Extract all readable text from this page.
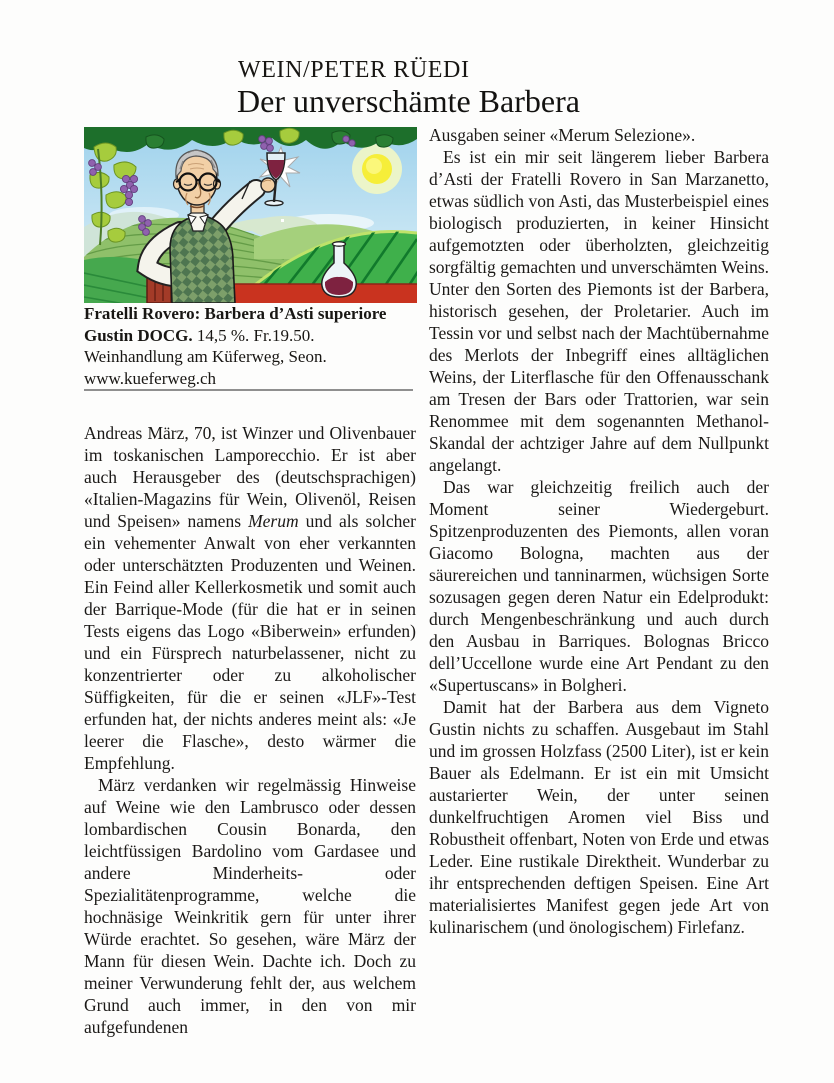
WEIN/PETER RÜEDI
Der unverschämte Barbera

Fratelli Rovero: Barbera d’Asti superiore Gustin DOCG. 14,5 %. Fr.19.50.

Weinhandlung am Küferweg, Seon.

www.kueferweg.ch

Andreas März, 70, ist Winzer und Olivenbauer im toskanischen Lamporecchio. Er ist aber auch Herausgeber des (deutschsprachigen) «Italien-Magazins für Wein, Olivenöl, Reisen und Speisen» namens Merum und als solcher ein vehementer Anwalt von eher verkannten oder unterschätzten Produzenten und Weinen. Ein Feind aller Kellerkosmetik und somit auch der Barrique-Mode (für die hat er in seinen Tests eigens das Logo «Biberwein» erfunden) und ein Fürsprech naturbelassener, nicht zu konzentrierter oder zu alkoholischer Süffigkeiten, für die er seinen «JLF»-Test erfunden hat, der nichts anderes meint als: «Je leerer die Flasche», desto wärmer die Empfehlung.

März verdanken wir regelmässig Hinweise auf Weine wie den Lambrusco oder dessen lombardischen Cousin Bonarda, den leichtfüssigen Bardolino vom Gardasee und andere Minderheits- oder Spezialitätenprogramme, welche die hochnäsige Weinkritik gern für unter ihrer Würde erachtet. So gesehen, wäre März der Mann für diesen Wein. Dachte ich. Doch zu meiner Verwunderung fehlt der, aus welchem Grund auch immer, in den von mir aufgefundenen

Ausgaben seiner «Merum Selezione».

Es ist ein mir seit längerem lieber Barbera d’Asti der Fratelli Rovero in San Marzanetto, etwas südlich von Asti, das Musterbeispiel eines biologisch produzierten, in keiner Hinsicht aufgemotzten oder überholzten, gleichzeitig sorgfältig gemachten und unverschämten Weins. Unter den Sorten des Piemonts ist der Barbera, historisch gesehen, der Proletarier. Auch im Tessin vor und selbst nach der Machtübernahme des Merlots der Inbegriff eines alltäglichen Weins, der Literflasche für den Offenausschank am Tresen der Bars oder Trattorien, war sein Renommee mit dem sogenannten Methanol-Skandal der achtziger Jahre auf dem Nullpunkt angelangt.

Das war gleichzeitig freilich auch der Moment seiner Wiedergeburt. Spitzenproduzenten des Piemonts, allen voran Giacomo Bologna, machten aus der säurereichen und tanninarmen, wüchsigen Sorte sozusagen gegen deren Natur ein Edelprodukt: durch Mengenbeschränkung und auch durch den Ausbau in Barriques. Bolognas Bricco dell’Uccellone wurde eine Art Pendant zu den «Supertuscans» in Bolgheri.

Damit hat der Barbera aus dem Vigneto Gustin nichts zu schaffen. Ausgebaut im Stahl und im grossen Holzfass (2500 Liter), ist er kein Bauer als Edelmann. Er ist ein mit Umsicht austarierter Wein, der unter seinen dunkelfruchtigen Aromen viel Biss und Robustheit offenbart, Noten von Erde und etwas Leder. Eine rustikale Direktheit. Wunderbar zu ihr entsprechenden deftigen Speisen. Eine Art materialisiertes Manifest gegen jede Art von kulinarischem (und önologischem) Firlefanz.
